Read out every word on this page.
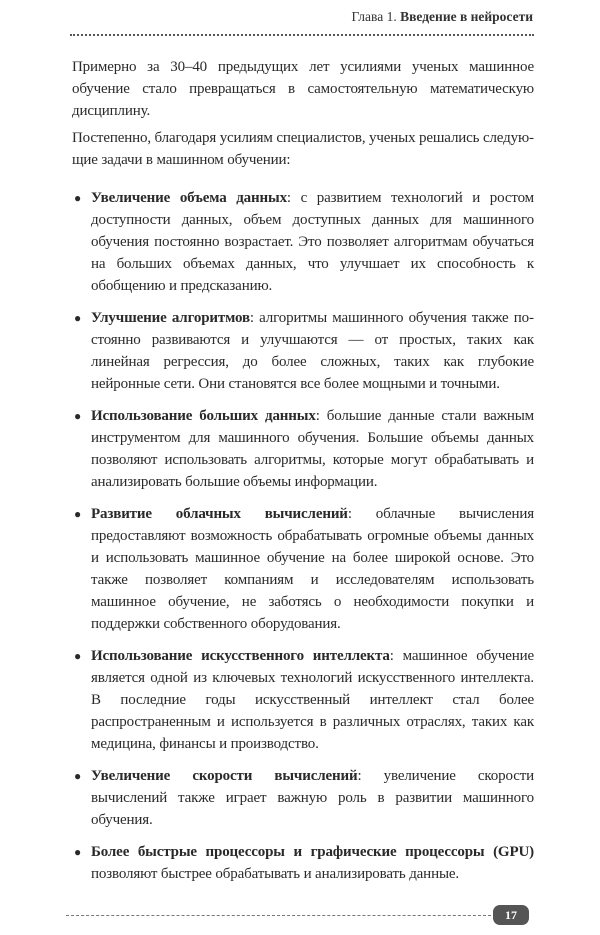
Глава 1. Введение в нейросети

Примерно за 30–40 предыдущих лет усилиями ученых машинное обучение стало превращаться в самостоятельную математическую дисциплину.

Постепенно, благодаря усилиям специалистов, ученых решались следующие задачи в машинном обучении:

● Увеличение объема данных: с развитием технологий и ростом доступности данных, объем доступных данных для машинного обучения постоянно возрастает. Это позволяет алгоритмам обучаться на больших объемах данных, что улучшает их способность к обобщению и предсказанию.
● Улучшение алгоритмов: алгоритмы машинного обучения также постоянно развиваются и улучшаются — от простых, таких как линейная регрессия, до более сложных, таких как глубокие нейронные сети. Они становятся все более мощными и точными.
● Использование больших данных: большие данные стали важным инструментом для машинного обучения. Большие объемы данных позволяют использовать алгоритмы, которые могут обрабатывать и анализировать большие объемы информации.
● Развитие облачных вычислений: облачные вычисления предоставляют возможность обрабатывать огромные объемы данных и использовать машинное обучение на более широкой основе. Это также позволяет компаниям и исследователям использовать машинное обучение, не заботясь о необходимости покупки и поддержки собственного оборудования.
● Использование искусственного интеллекта: машинное обучение является одной из ключевых технологий искусственного интеллекта. В последние годы искусственный интеллект стал более распространенным и используется в различных отраслях, таких как медицина, финансы и производство.
● Увеличение скорости вычислений: увеличение скорости вычислений также играет важную роль в развитии машинного обучения.
● Более быстрые процессоры и графические процессоры (GPU) позволяют быстрее обрабатывать и анализировать данные.
17
